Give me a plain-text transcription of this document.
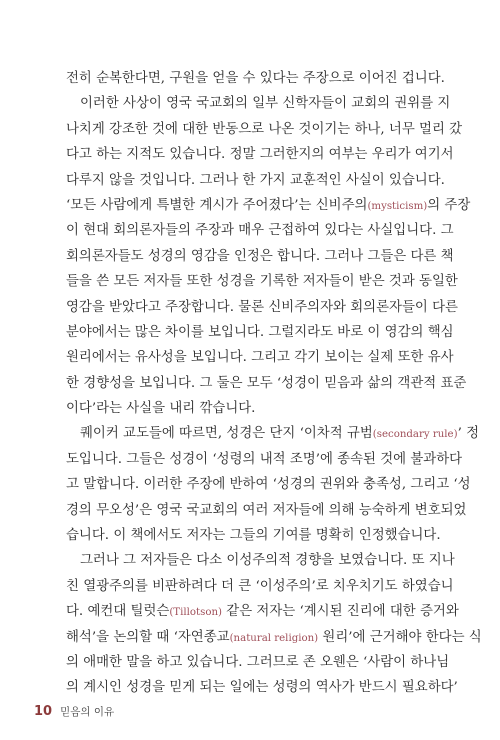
전히 순복한다면, 구원을 얻을 수 있다는 주장으로 이어진 겁니다.
이러한 사상이 영국 국교회의 일부 신학자들이 교회의 권위를 지
나치게 강조한 것에 대한 반동으로 나온 것이기는 하나, 너무 멀리 갔
다고 하는 지적도 있습니다. 정말 그러한지의 여부는 우리가 여기서
다루지 않을 것입니다. 그러나 한 가지 교훈적인 사실이 있습니다.
‘모든 사람에게 특별한 계시가 주어졌다’는 신비주의(mysticism)의 주장
이 현대 회의론자들의 주장과 매우 근접하여 있다는 사실입니다. 그
회의론자들도 성경의 영감을 인정은 합니다. 그러나 그들은 다른 책
들을 쓴 모든 저자들 또한 성경을 기록한 저자들이 받은 것과 동일한
영감을 받았다고 주장합니다. 물론 신비주의자와 회의론자들이 다른
분야에서는 많은 차이를 보입니다. 그럴지라도 바로 이 영감의 핵심
원리에서는 유사성을 보입니다. 그리고 각기 보이는 실제 또한 유사
한 경향성을 보입니다. 그 둘은 모두 ‘성경이 믿음과 삶의 객관적 표준
이다’라는 사실을 내리 깎습니다.
퀘이커 교도들에 따르면, 성경은 단지 ‘이차적 규범(secondary rule)’ 정
도입니다. 그들은 성경이 ‘성령의 내적 조명’에 종속된 것에 불과하다
고 말합니다. 이러한 주장에 반하여 ‘성경의 권위와 충족성, 그리고 ‘성
경의 무오성’은 영국 국교회의 여러 저자들에 의해 능숙하게 변호되었
습니다. 이 책에서도 저자는 그들의 기여를 명확히 인정했습니다.
그러나 그 저자들은 다소 이성주의적 경향을 보였습니다. 또 지나
친 열광주의를 비판하려다 더 큰 ‘이성주의’로 치우치기도 하였습니
다. 예컨대 틸럿슨(Tillotson) 같은 저자는 ‘계시된 진리에 대한 증거와
해석’을 논의할 때 ‘자연종교(natural religion) 원리’에 근거해야 한다는 식
의 애매한 말을 하고 있습니다. 그러므로 존 오웬은 ‘사람이 하나님
의 계시인 성경을 믿게 되는 일에는 성령의 역사가 반드시 필요하다’
10 믿음의 이유
